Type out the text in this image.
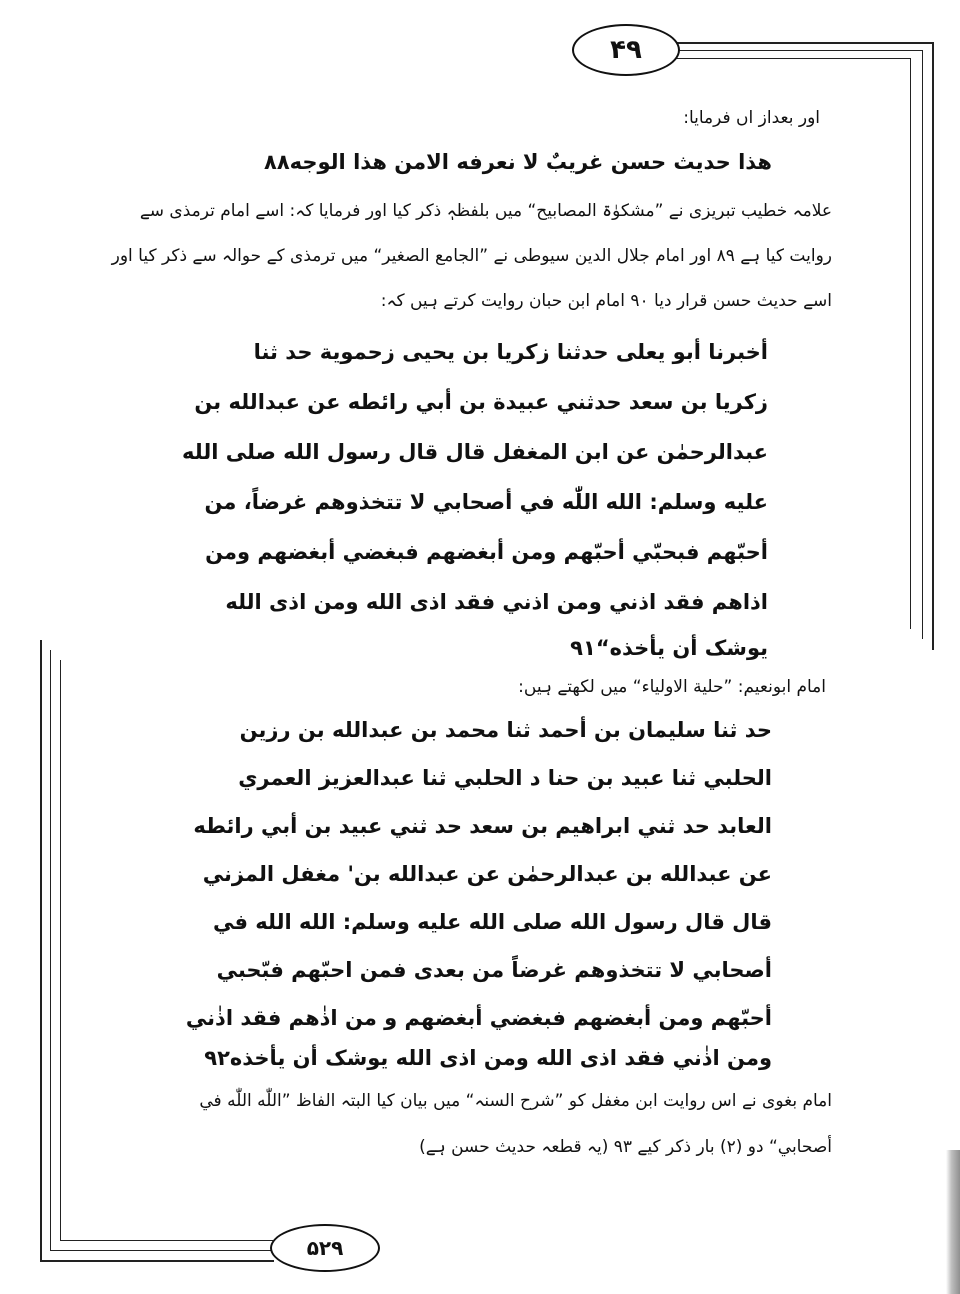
۴۹
۵۲۹
اور بعداز اں فرمایا:
هذا حديث حسن غريبٌ لا نعرفه الامن هذا الوجه۸۸
علامہ خطیب تبریزی نے ”مشکوٰۃ المصابیح“ میں بلفظہٖ ذکر کیا اور فرمایا کہ: اسے امام ترمذی سے
روایت کیا ہے ۸۹ اور امام جلال الدین سیوطی نے ”الجامع الصغیر“ میں ترمذی کے حوالہ سے ذکر کیا اور
اسے حدیث حسن قرار دیا ۹۰ امام ابن حبان روایت کرتے ہیں کہ:
أخبرنا أبو يعلى حدثنا زكريا بن يحيى زحموية حد ثنا
زكريا بن سعد حدثني عبيدة بن أبي رائطه عن عبدالله بن
عبدالرحمٰن عن ابن المغفل قال قال رسول الله صلى الله
عليه وسلم: الله اللّٰه في أصحابي لا تتخذوهم غرضاً، من
أحبّهم فبحبّي أحبّهم ومن أبغضهم فبغضي أبغضهم ومن
اذاهم فقد اذني ومن اذني فقد اذى الله ومن اذى الله
يوشک أن يأخذه“۹۱
امام ابونعیم: ”حلية الاولياء“ میں لکھتے ہیں:
حد ثنا سليمان بن أحمد ثنا محمد بن عبدالله بن رزين
الحلبي ثنا عبيد بن حنا د الحلبي ثنا عبدالعزيز العمري
العابد حد ثني ابراهيم بن سعد حد ثني عبيد بن أبي رائطه
عن عبدالله بن عبدالرحمٰن عن عبدالله بن' مغفل المزني
قال قال رسول الله صلى الله عليه وسلم: الله الله في
أصحابي لا تتخذوهم غرضاً من بعدى فمن احبّهم فبّحبي
أحبّهم ومن أبغضهم فبغضي أبغضهم و من اذٰهم فقد اذٰني
ومن اذٰني فقد اذى الله ومن اذى الله يوشک أن يأخذه۹۲
امام بغوی نے اس روایت ابن مغفل کو ”شرح السنہ“ میں بیان کیا البتہ الفاظ ”اللّٰه اللّٰه في
أصحابي“ دو (۲) بار ذکر کیے ۹۳ (یہ قطعہ حدیث حسن ہے)
